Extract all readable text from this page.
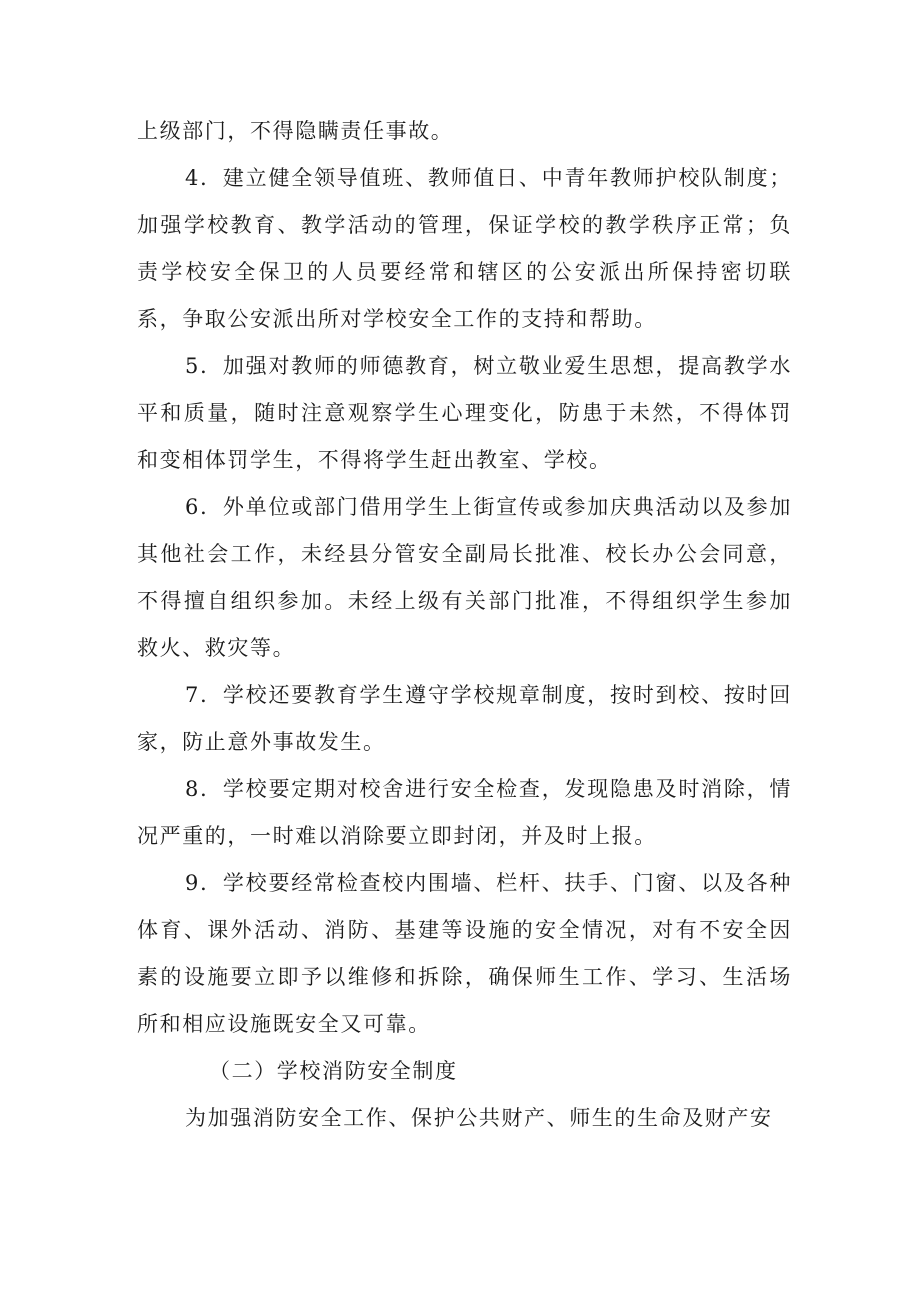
上级部门，不得隐瞒责任事故。

4．建立健全领导值班、教师值日、中青年教师护校队制度；加强学校教育、教学活动的管理，保证学校的教学秩序正常；负责学校安全保卫的人员要经常和辖区的公安派出所保持密切联系，争取公安派出所对学校安全工作的支持和帮助。

5．加强对教师的师德教育，树立敬业爱生思想，提高教学水平和质量，随时注意观察学生心理变化，防患于未然，不得体罚和变相体罚学生，不得将学生赶出教室、学校。

6．外单位或部门借用学生上街宣传或参加庆典活动以及参加其他社会工作，未经县分管安全副局长批准、校长办公会同意，不得擅自组织参加。未经上级有关部门批准，不得组织学生参加救火、救灾等。

7．学校还要教育学生遵守学校规章制度，按时到校、按时回家，防止意外事故发生。

8．学校要定期对校舍进行安全检查，发现隐患及时消除，情况严重的，一时难以消除要立即封闭，并及时上报。

9．学校要经常检查校内围墙、栏杆、扶手、门窗、以及各种体育、课外活动、消防、基建等设施的安全情况，对有不安全因素的设施要立即予以维修和拆除，确保师生工作、学习、生活场所和相应设施既安全又可靠。

（二）学校消防安全制度

为加强消防安全工作、保护公共财产、师生的生命及财产安
